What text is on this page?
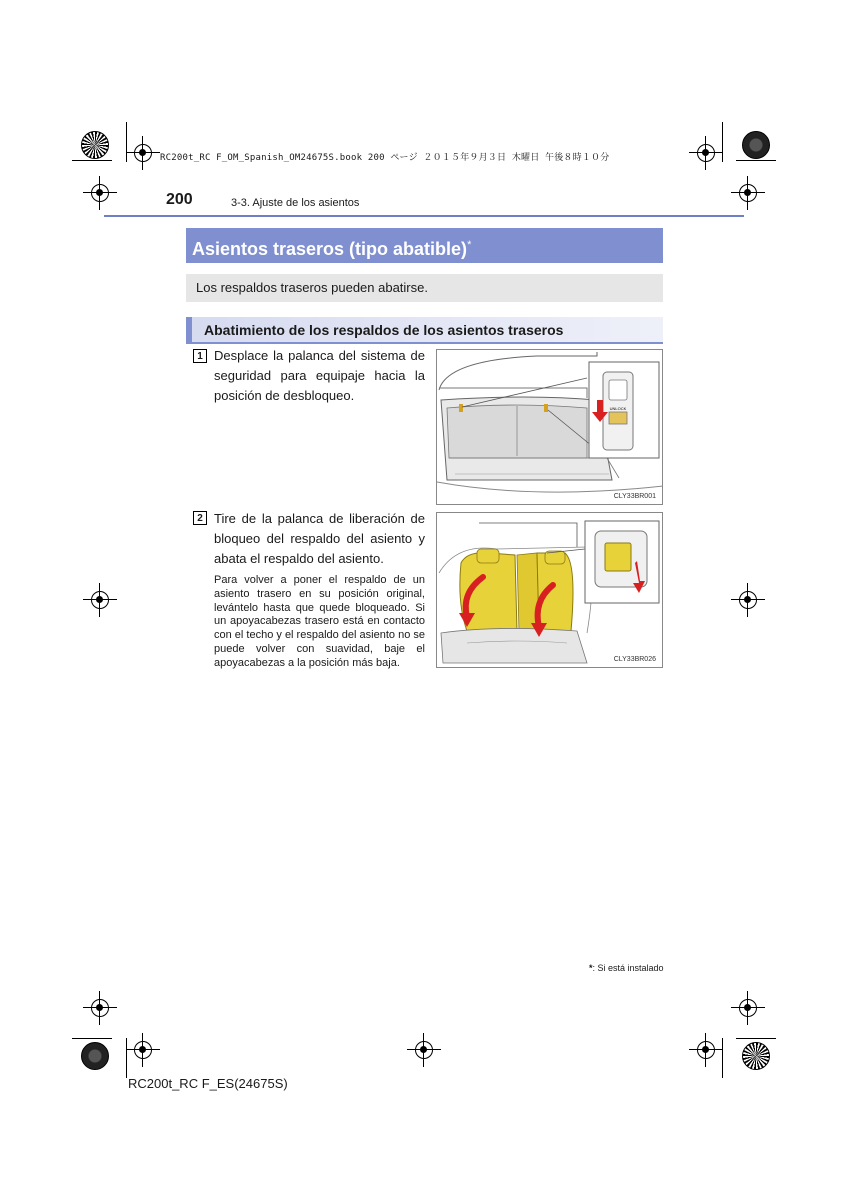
RC200t_RC F_OM_Spanish_OM24675S.book 200 ページ ２０１５年９月３日 木曜日 午後８時１０分
200	3-3. Ajuste de los asientos
Asientos traseros (tipo abatible)*
Los respaldos traseros pueden abatirse.
Abatimiento de los respaldos de los asientos traseros
1 Desplace la palanca del sistema de seguridad para equipaje hacia la posición de desbloqueo.
UNLOCK
CLY33BR001
2 Tire de la palanca de liberación de bloqueo del respaldo del asiento y abata el respaldo del asiento.
Para volver a poner el respaldo de un asiento trasero en su posición original, levántelo hasta que quede bloqueado. Si un apoyacabezas trasero está en contacto con el techo y el respaldo del asiento no se puede volver con suavidad, baje el apoyacabezas a la posición más baja.	CLY33BR026
*: Si está instalado
RC200t_RC F_ES(24675S)
